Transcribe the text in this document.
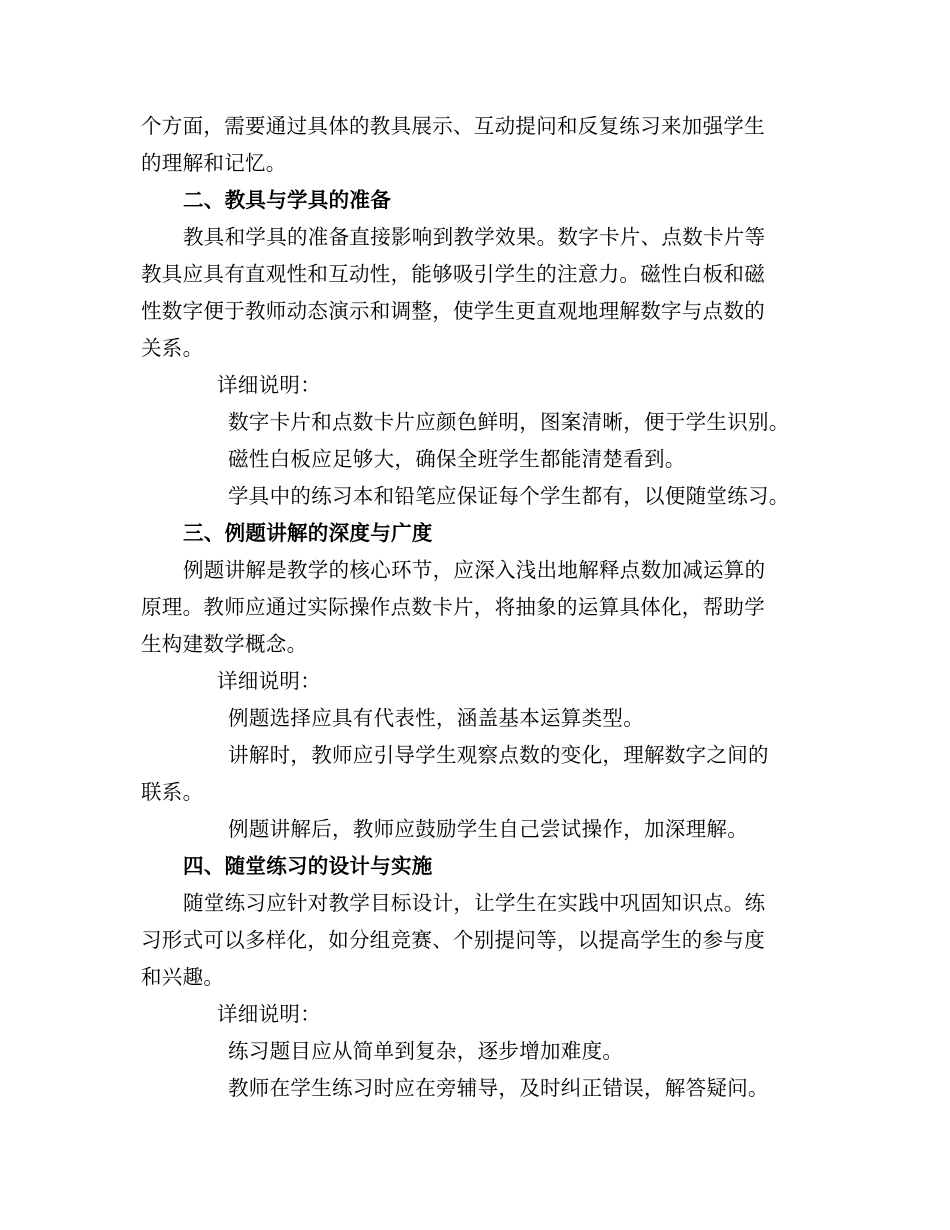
个方面，需要通过具体的教具展示、互动提问和反复练习来加强学生
的理解和记忆。
二、教具与学具的准备
教具和学具的准备直接影响到教学效果。数字卡片、点数卡片等
教具应具有直观性和互动性，能够吸引学生的注意力。磁性白板和磁
性数字便于教师动态演示和调整，使学生更直观地理解数字与点数的
关系。
详细说明：
数字卡片和点数卡片应颜色鲜明，图案清晰，便于学生识别。
磁性白板应足够大，确保全班学生都能清楚看到。
学具中的练习本和铅笔应保证每个学生都有，以便随堂练习。
三、例题讲解的深度与广度
例题讲解是教学的核心环节，应深入浅出地解释点数加减运算的
原理。教师应通过实际操作点数卡片，将抽象的运算具体化，帮助学
生构建数学概念。
详细说明：
例题选择应具有代表性，涵盖基本运算类型。
讲解时，教师应引导学生观察点数的变化，理解数字之间的
联系。
例题讲解后，教师应鼓励学生自己尝试操作，加深理解。
四、随堂练习的设计与实施
随堂练习应针对教学目标设计，让学生在实践中巩固知识点。练
习形式可以多样化，如分组竞赛、个别提问等，以提高学生的参与度
和兴趣。
详细说明：
练习题目应从简单到复杂，逐步增加难度。
教师在学生练习时应在旁辅导，及时纠正错误，解答疑问。
